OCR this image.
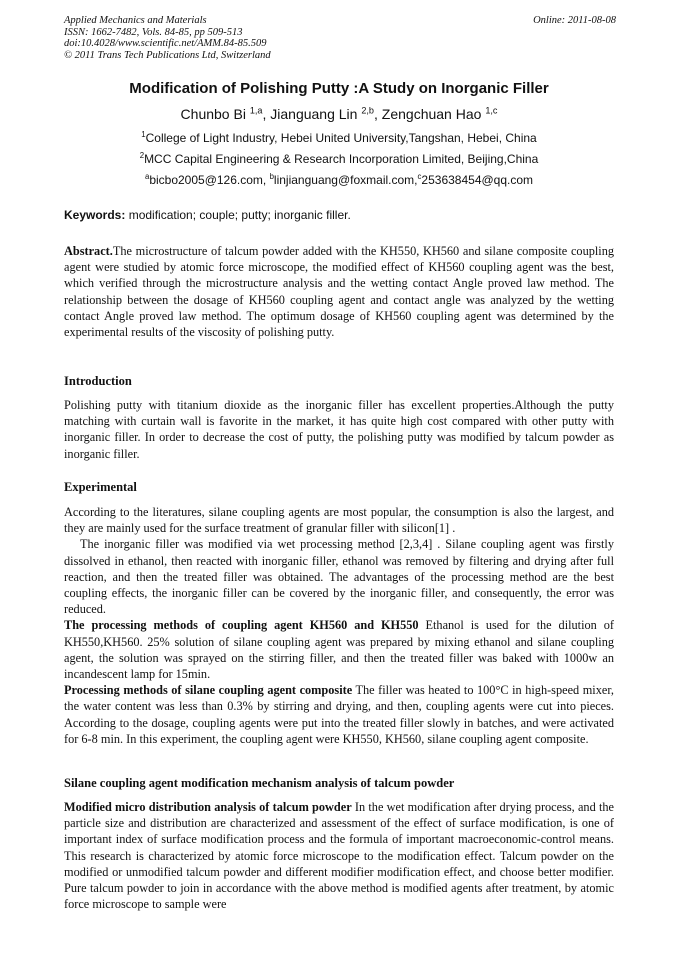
Applied Mechanics and Materials
ISSN: 1662-7482, Vols. 84-85, pp 509-513
doi:10.4028/www.scientific.net/AMM.84-85.509
© 2011 Trans Tech Publications Ltd, Switzerland
Online: 2011-08-08
Modification of Polishing Putty :A Study on Inorganic Filler
Chunbo Bi $^{1,a}$, Jianguang Lin $^{2,b}$, Zengchuan Hao $^{1,c}$
$^1$College of Light Industry, Hebei United University,Tangshan, Hebei, China
$^2$MCC Capital Engineering & Research Incorporation Limited, Beijing,China
$^a$bicbo2005@126.com, $^b$linjianguang@foxmail.com,$^c$253638454@qq.com
Keywords: modification; couple; putty; inorganic filler.
Abstract.The microstructure of talcum powder added with the KH550, KH560 and silane composite coupling agent were studied by atomic force microscope, the modified effect of KH560 coupling agent was the best, which verified through the microstructure analysis and the wetting contact Angle proved law method. The relationship between the dosage of KH560 coupling agent and contact angle was analyzed by the wetting contact Angle proved law method. The optimum dosage of KH560 coupling agent was determined by the experimental results of the viscosity of polishing putty.
Introduction
Polishing putty with titanium dioxide as the inorganic filler has excellent properties.Although the putty matching with curtain wall is favorite in the market, it has quite high cost compared with other putty with inorganic filler. In order to decrease the cost of putty, the polishing putty was modified by talcum powder as inorganic filler.
Experimental
According to the literatures, silane coupling agents are most popular, the consumption is also the largest, and they are mainly used for the surface treatment of granular filler with silicon[1] .
The inorganic filler was modified via wet processing method [2,3,4] . Silane coupling agent was firstly dissolved in ethanol, then reacted with inorganic filler, ethanol was removed by filtering and drying after full reaction, and then the treated filler was obtained. The advantages of the processing method are the best coupling effects, the inorganic filler can be covered by the inorganic filler, and consequently, the error was reduced.
The processing methods of coupling agent KH560 and KH550 Ethanol is used for the dilution of KH550,KH560. 25% solution of silane coupling agent was prepared by mixing ethanol and silane coupling agent, the solution was sprayed on the stirring filler, and then the treated filler was baked with 1000w an incandescent lamp for 15min.
Processing methods of silane coupling agent composite The filler was heated to 100°C in high-speed mixer, the water content was less than 0.3% by stirring and drying, and then, coupling agents were cut into pieces. According to the dosage, coupling agents were put into the treated filler slowly in batches, and were activated for 6-8 min. In this experiment, the coupling agent were KH550, KH560, silane coupling agent composite.
Silane coupling agent modification mechanism analysis of talcum powder
Modified micro distribution analysis of talcum powder In the wet modification after drying process, and the particle size and distribution are characterized and assessment of the effect of surface modification, is one of important index of surface modification process and the formula of important macroeconomic-control means. This research is characterized by atomic force microscope to the modification effect. Talcum powder on the modified or unmodified talcum powder and different modifier modification effect, and choose better modifier. Pure talcum powder to join in accordance with the above method is modified agents after treatment, by atomic force microscope to sample were
